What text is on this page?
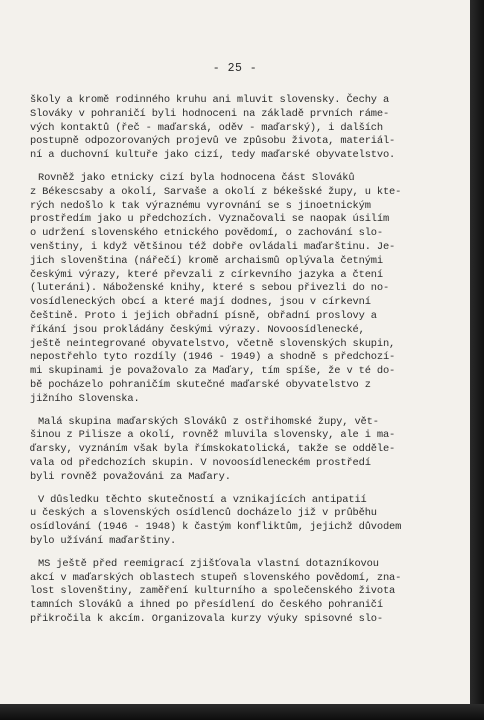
- 25 -
školy a kromě rodinného kruhu ani mluvit slovensky. Čechy a
Slováky v pohraničí byli hodnoceni na základě prvních ráme-
vých kontaktů (řeč - maďarská, oděv - maďarský), i dalších
postupně odpozorovaných projevů ve způsobu života, materiál-
ní a duchovní kultuře jako cizí, tedy maďarské obyvatelstvo.
Rovněž jako etnicky cizí byla hodnocena část Slováků
z Békescsaby a okolí, Sarvaše a okolí z békešské župy, u kte-
rých nedošlo k tak výraznému vyrovnání se s jinoetnickým
prostředím jako u předchozích. Vyznačovali se naopak úsilím
o udržení slovenského etnického povědomí, o zachování slo-
venštiny, i když většinou též dobře ovládali maďarštinu. Je-
jich slovenština (nářečí) kromě archaismů oplývala četnými
českými výrazy, které převzali z církevního jazyka a čtení
(luteráni). Náboženské knihy, které s sebou přivezli do no-
vosídleneckých obcí a které mají dodnes, jsou v církevní
češtině. Proto i jejich obřadní písně, obřadní proslovy a
říkání jsou prokládány českými výrazy. Novoosídlenecké,
ještě neintegrované obyvatelstvo, včetně slovenských skupin,
nepostřehlo tyto rozdíly (1946 - 1949) a shodně s předchozí-
mi skupinami je považovalo za Maďary, tím spíše, že v té do-
bě pocházelo pohraničím skutečné maďarské obyvatelstvo z
jižního Slovenska.
Malá skupina maďarských Slováků z ostřihomské župy, vět-
šinou z Pilisze a okolí, rovněž mluvila slovensky, ale i ma-
ďarsky, vyznáním však byla římskokatolická, takže se odděle-
vala od předchozích skupin. V novoosídleneckém prostředí
byli rovněž považováni za Maďary.
V důsledku těchto skutečností a vznikajících antipatií
u českých a slovenských osídlenců docházelo již v průběhu
osídlování (1946 - 1948) k častým konfliktům, jejichž důvodem
bylo užívání maďarštiny.
MS ještě před reemigrací zjišťovala vlastní dotazníkovou
akcí v maďarských oblastech stupeň slovenského povědomí, zna-
lost slovenštiny, zaměření kulturního a společenského života
tamních Slováků a ihned po přesídlení do českého pohraničí
přikročila k akcím. Organizovala kurzy výuky spisovné slo-
